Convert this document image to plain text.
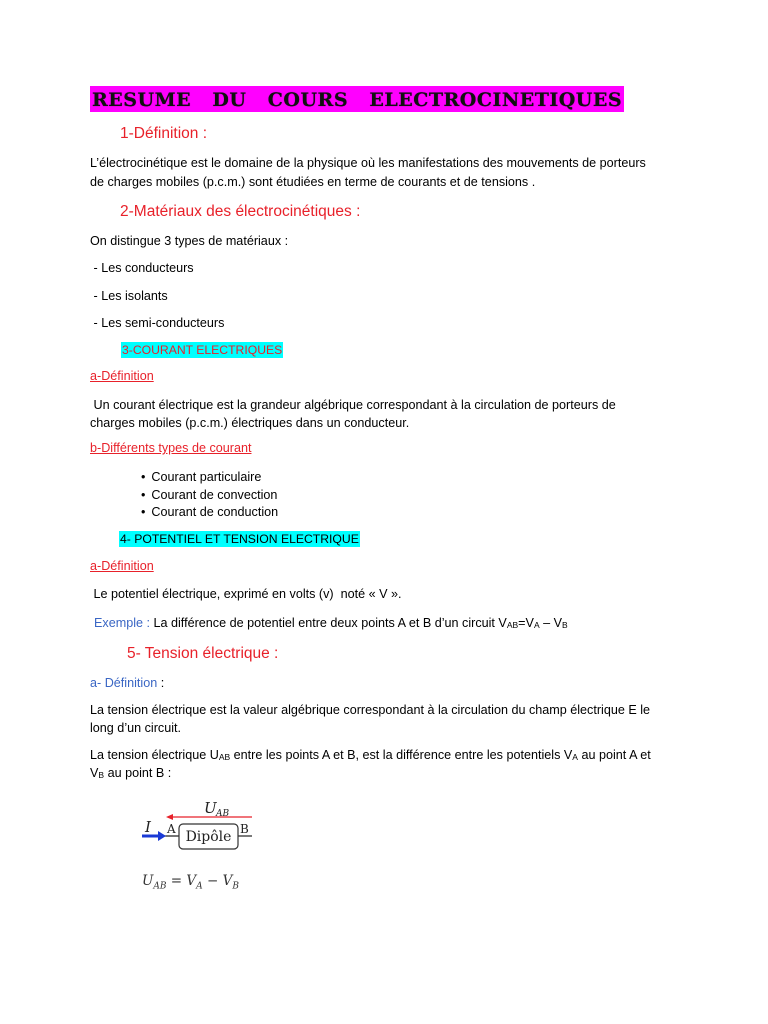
RESUME   DU   COURS   ELECTROCINETIQUES
1-Définition :
L’électrocinétique est le domaine de la physique où les manifestations des mouvements de porteurs
de charges mobiles (p.c.m.) sont étudiées en terme de courants et de tensions .
2-Matériaux des électrocinétiques :
On distingue 3 types de matériaux :
- Les conducteurs
- Les isolants
- Les semi-conducteurs
3-COURANT ELECTRIQUES
a-Définition
Un courant électrique est la grandeur algébrique correspondant à la circulation de porteurs de
charges mobiles (p.c.m.) électriques dans un conducteur.
b-Différents types de courant
• Courant particulaire
• Courant de convection
• Courant de conduction
4- POTENTIEL ET TENSION ELECTRIQUE
a-Définition
Le potentiel électrique, exprimé en volts (v)  noté « V ».
Exemple : La différence de potentiel entre deux points A et B d’un circuit $V_{AB}=V_A - V_B$
5- Tension électrique :
a- Définition :
La tension électrique est la valeur algébrique correspondant à la circulation du champ électrique E le
long d’un circuit.
La tension électrique $U_{AB}$ entre les points A et B, est la différence entre les potentiels $V_A$ au point A et
$V_B$ au point B :
U AB
I A	B
Dipôle
$U_{AB} = V_A - V_B$
